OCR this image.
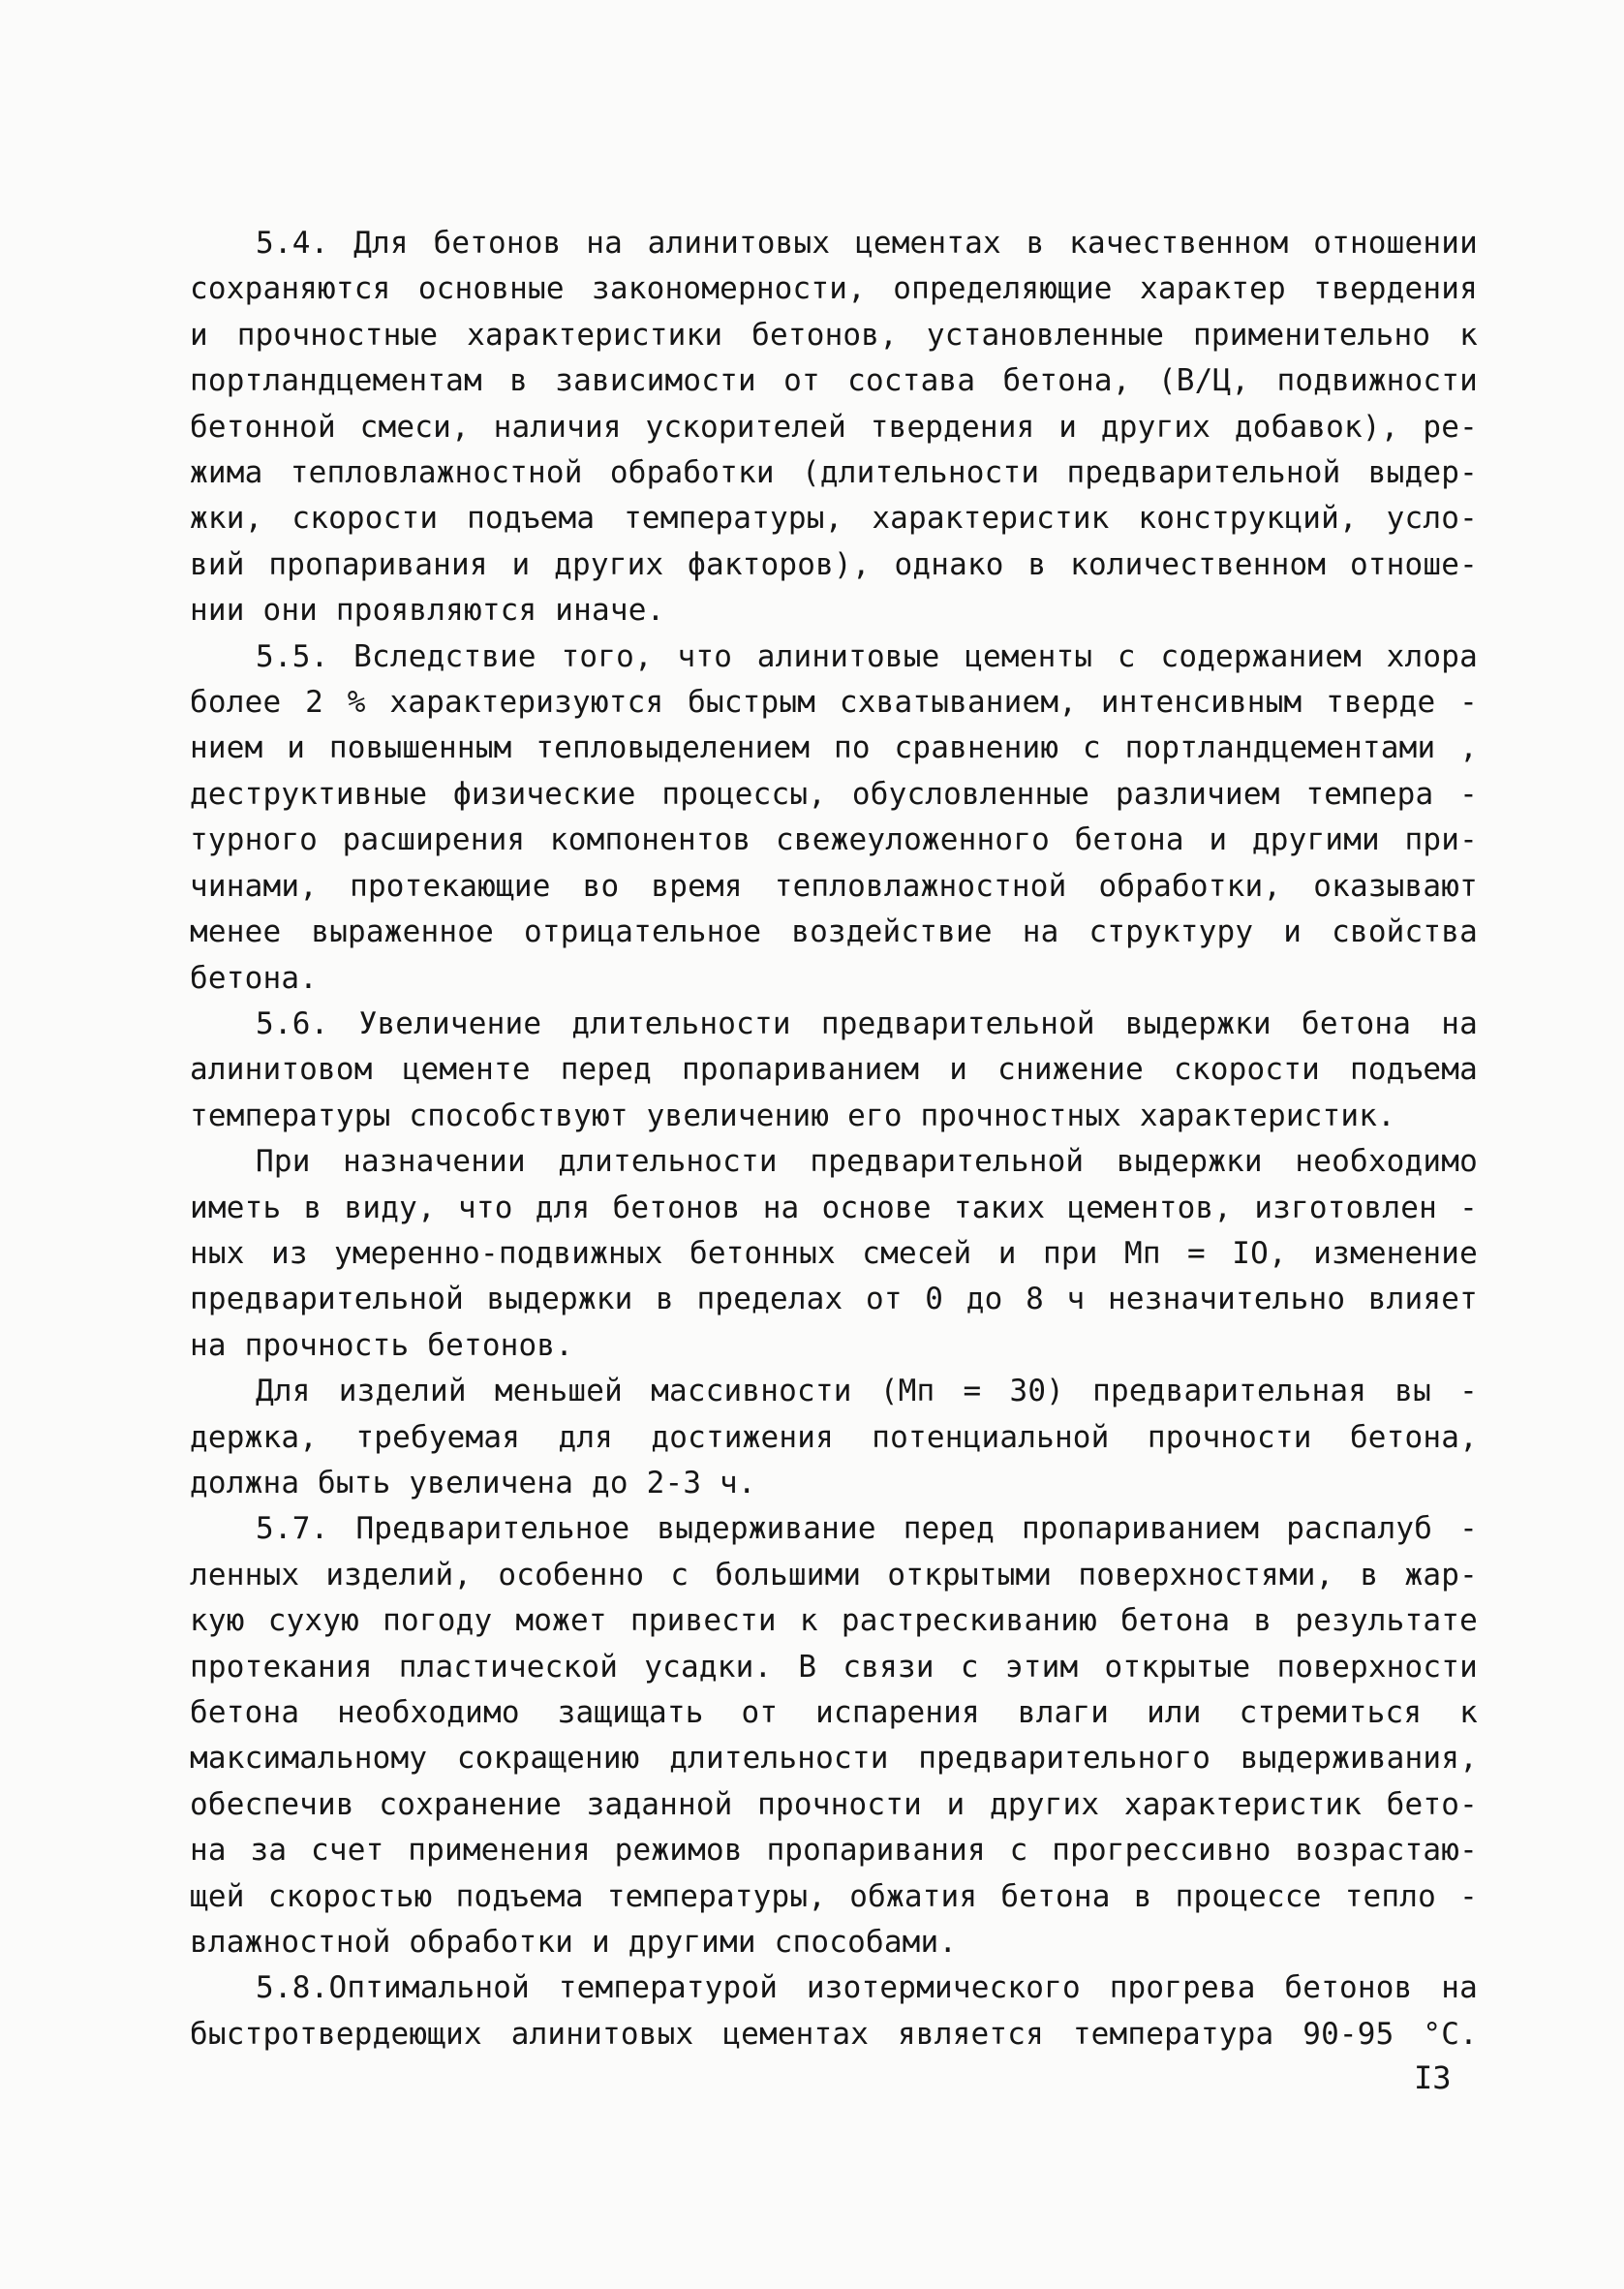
5.4. Для бетонов на алинитовых цементах в качественном отношении
сохраняются основные закономерности, определяющие характер твердения
и прочностные характеристики бетонов, установленные применительно к
портландцементам в зависимости от состава бетона, (В/Ц, подвижности
бетонной смеси, наличия ускорителей твердения и других добавок), ре-
жима тепловлажностной обработки (длительности предварительной выдер-
жки, скорости подъема температуры, характеристик конструкций, усло-
вий пропаривания и других факторов), однако в количественном отноше-
нии они проявляются иначе.

5.5. Вследствие того, что алинитовые цементы с содержанием хлора
более 2 % характеризуются быстрым схватыванием, интенсивным тверде -
нием и повышенным тепловыделением по сравнению с портландцементами ,
деструктивные физические процессы, обусловленные различием темпера -
турного расширения компонентов свежеуложенного бетона и другими при-
чинами, протекающие во время тепловлажностной обработки, оказывают
менее выраженное отрицательное воздействие на структуру и свойства
бетона.

5.6. Увеличение длительности предварительной выдержки бетона на
алинитовом цементе перед пропариванием и снижение скорости подъема
температуры способствуют увеличению его прочностных характеристик.

При назначении длительности предварительной выдержки необходимо
иметь в виду, что для бетонов на основе таких цементов, изготовлен -
ных из умеренно-подвижных бетонных смесей и при Мп = IO, изменение
предварительной выдержки в пределах от 0 до 8 ч незначительно влияет
на прочность бетонов.

Для изделий меньшей массивности (Мп = 30) предварительная вы -
держка, требуемая для достижения потенциальной прочности бетона,
должна быть увеличена до 2-3 ч.

5.7. Предварительное выдерживание перед пропариванием распалуб -
ленных изделий, особенно с большими открытыми поверхностями, в жар-
кую сухую погоду может привести к растрескиванию бетона в результате
протекания пластической усадки. В связи с этим открытые поверхности
бетона необходимо защищать от испарения влаги или стремиться к
максимальному сокращению длительности предварительного выдерживания,
обеспечив сохранение заданной прочности и других характеристик бето-
на за счет применения режимов пропаривания с прогрессивно возрастаю-
щей скоростью подъема температуры, обжатия бетона в процессе тепло -
влажностной обработки и другими способами.

5.8.Оптимальной температурой изотермического прогрева бетонов на
быстротвердеющих алинитовых цементах является температура 90-95 °С.

I3
